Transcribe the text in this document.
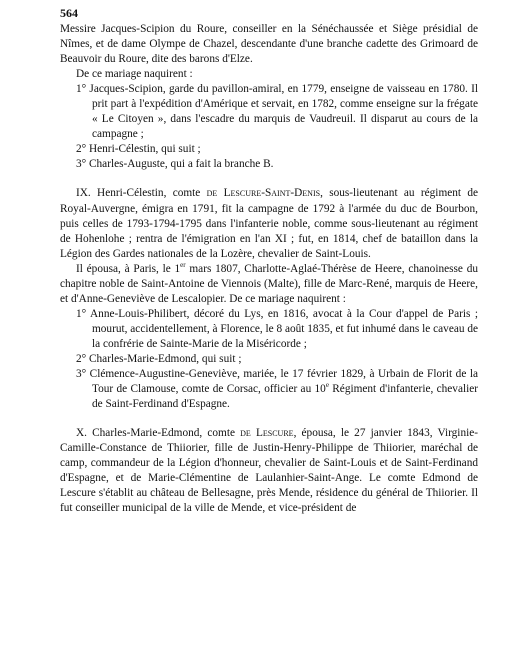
564

Messire Jacques-Scipion du Roure, conseiller en la Sénéchaussée et Siège présidial de Nîmes, et de dame Olympe de Chazel, descendante d'une branche cadette des Grimoard de Beauvoir du Roure, dite des barons d'Elze.

De ce mariage naquirent :

1° Jacques-Scipion, garde du pavillon-amiral, en 1779, enseigne de vaisseau en 1780. Il prit part à l'expédition d'Amérique et servait, en 1782, comme enseigne sur la frégate « Le Citoyen », dans l'escadre du marquis de Vaudreuil. Il disparut au cours de la campagne ;
2° Henri-Célestin, qui suit ;
3° Charles-Auguste, qui a fait la branche B.

IX. Henri-Célestin, comte de Lescure-Saint-Denis, sous-lieutenant au régiment de Royal-Auvergne, émigra en 1791, fit la campagne de 1792 à l'armée du duc de Bourbon, puis celles de 1793-1794-1795 dans l'infanterie noble, comme sous-lieutenant au régiment de Hohenlohe ; rentra de l'émigration en l'an XI ; fut, en 1814, chef de bataillon dans la Légion des Gardes nationales de la Lozère, chevalier de Saint-Louis.

Il épousa, à Paris, le 1er mars 1807, Charlotte-Aglaé-Thérèse de Heere, chanoinesse du chapitre noble de Saint-Antoine de Viennois (Malte), fille de Marc-René, marquis de Heere, et d'Anne-Geneviève de Lescalopier. De ce mariage naquirent :

1° Anne-Louis-Philibert, décoré du Lys, en 1816, avocat à la Cour d'appel de Paris ; mourut, accidentellement, à Florence, le 8 août 1835, et fut inhumé dans le caveau de la confrérie de Sainte-Marie de la Miséricorde ;
2° Charles-Marie-Edmond, qui suit ;
3° Clémence-Augustine-Geneviève, mariée, le 17 février 1829, à Urbain de Florit de la Tour de Clamouse, comte de Corsac, officier au 10e Régiment d'infanterie, chevalier de Saint-Ferdinand d'Espagne.

X. Charles-Marie-Edmond, comte de Lescure, épousa, le 27 janvier 1843, Virginie-Camille-Constance de Thiiorier, fille de Justin-Henry-Philippe de Thiiorier, maréchal de camp, commandeur de la Légion d'honneur, chevalier de Saint-Louis et de Saint-Ferdinand d'Espagne, et de Marie-Clémentine de Laulanhier-Saint-Ange. Le comte Edmond de Lescure s'établit au château de Bellesagne, près Mende, résidence du général de Thiiorier. Il fut conseiller municipal de la ville de Mende, et vice-président de
